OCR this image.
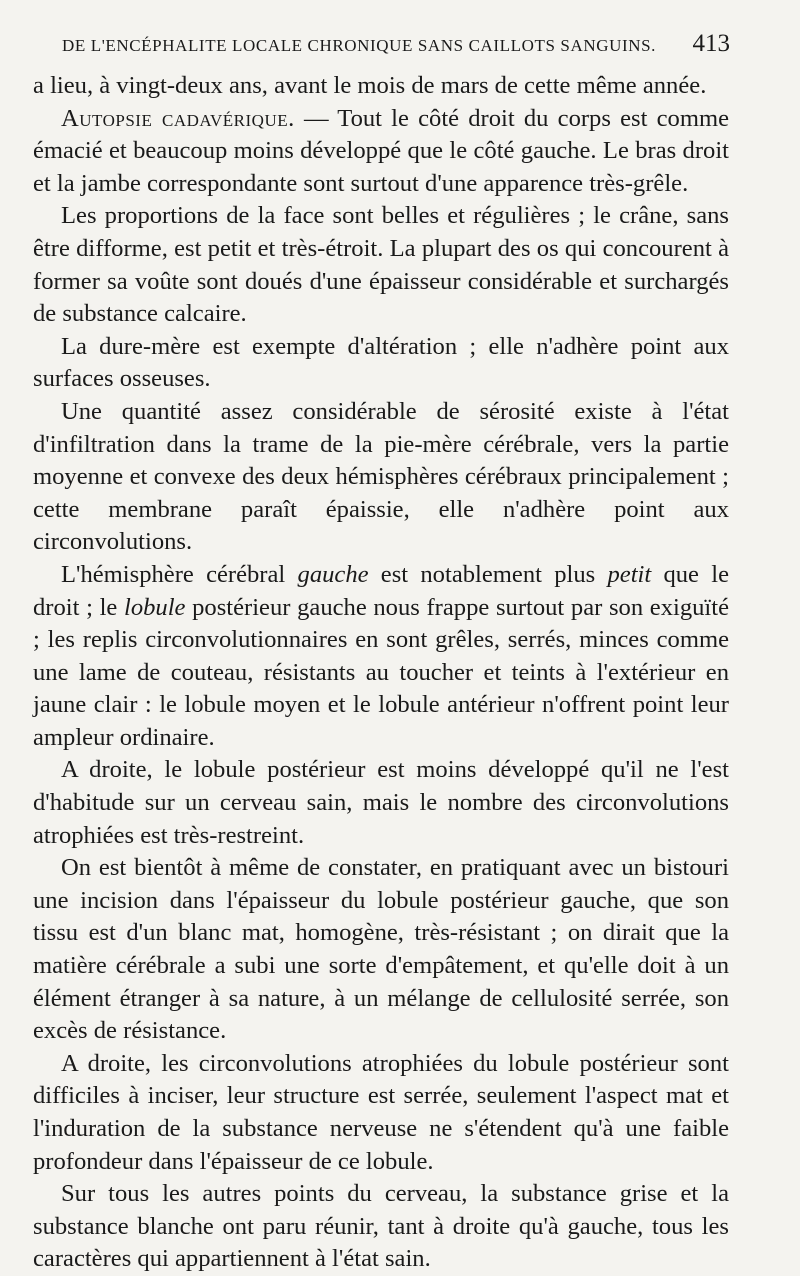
DE L'ENCÉPHALITE LOCALE CHRONIQUE SANS CAILLOTS SANGUINS. 413

a lieu, à vingt-deux ans, avant le mois de mars de cette même année.

Autopsie cadavérique. — Tout le côté droit du corps est comme émacié et beaucoup moins développé que le côté gauche. Le bras droit et la jambe correspondante sont surtout d'une apparence très-grêle.

Les proportions de la face sont belles et régulières ; le crâne, sans être difforme, est petit et très-étroit. La plupart des os qui concourent à former sa voûte sont doués d'une épaisseur considérable et surchargés de substance calcaire.

La dure-mère est exempte d'altération ; elle n'adhère point aux surfaces osseuses.

Une quantité assez considérable de sérosité existe à l'état d'infiltration dans la trame de la pie-mère cérébrale, vers la partie moyenne et convexe des deux hémisphères cérébraux principalement ; cette membrane paraît épaissie, elle n'adhère point aux circonvolutions.

L'hémisphère cérébral gauche est notablement plus petit que le droit ; le lobule postérieur gauche nous frappe surtout par son exiguïté ; les replis circonvolutionnaires en sont grêles, serrés, minces comme une lame de couteau, résistants au toucher et teints à l'extérieur en jaune clair : le lobule moyen et le lobule antérieur n'offrent point leur ampleur ordinaire.

A droite, le lobule postérieur est moins développé qu'il ne l'est d'habitude sur un cerveau sain, mais le nombre des circonvolutions atrophiées est très-restreint.

On est bientôt à même de constater, en pratiquant avec un bistouri une incision dans l'épaisseur du lobule postérieur gauche, que son tissu est d'un blanc mat, homogène, très-résistant ; on dirait que la matière cérébrale a subi une sorte d'empâtement, et qu'elle doit à un élément étranger à sa nature, à un mélange de cellulosité serrée, son excès de résistance.

A droite, les circonvolutions atrophiées du lobule postérieur sont difficiles à inciser, leur structure est serrée, seulement l'aspect mat et l'induration de la substance nerveuse ne s'étendent qu'à une faible profondeur dans l'épaisseur de ce lobule.

Sur tous les autres points du cerveau, la substance grise et la substance blanche ont paru réunir, tant à droite qu'à gauche, tous les caractères qui appartiennent à l'état sain.
